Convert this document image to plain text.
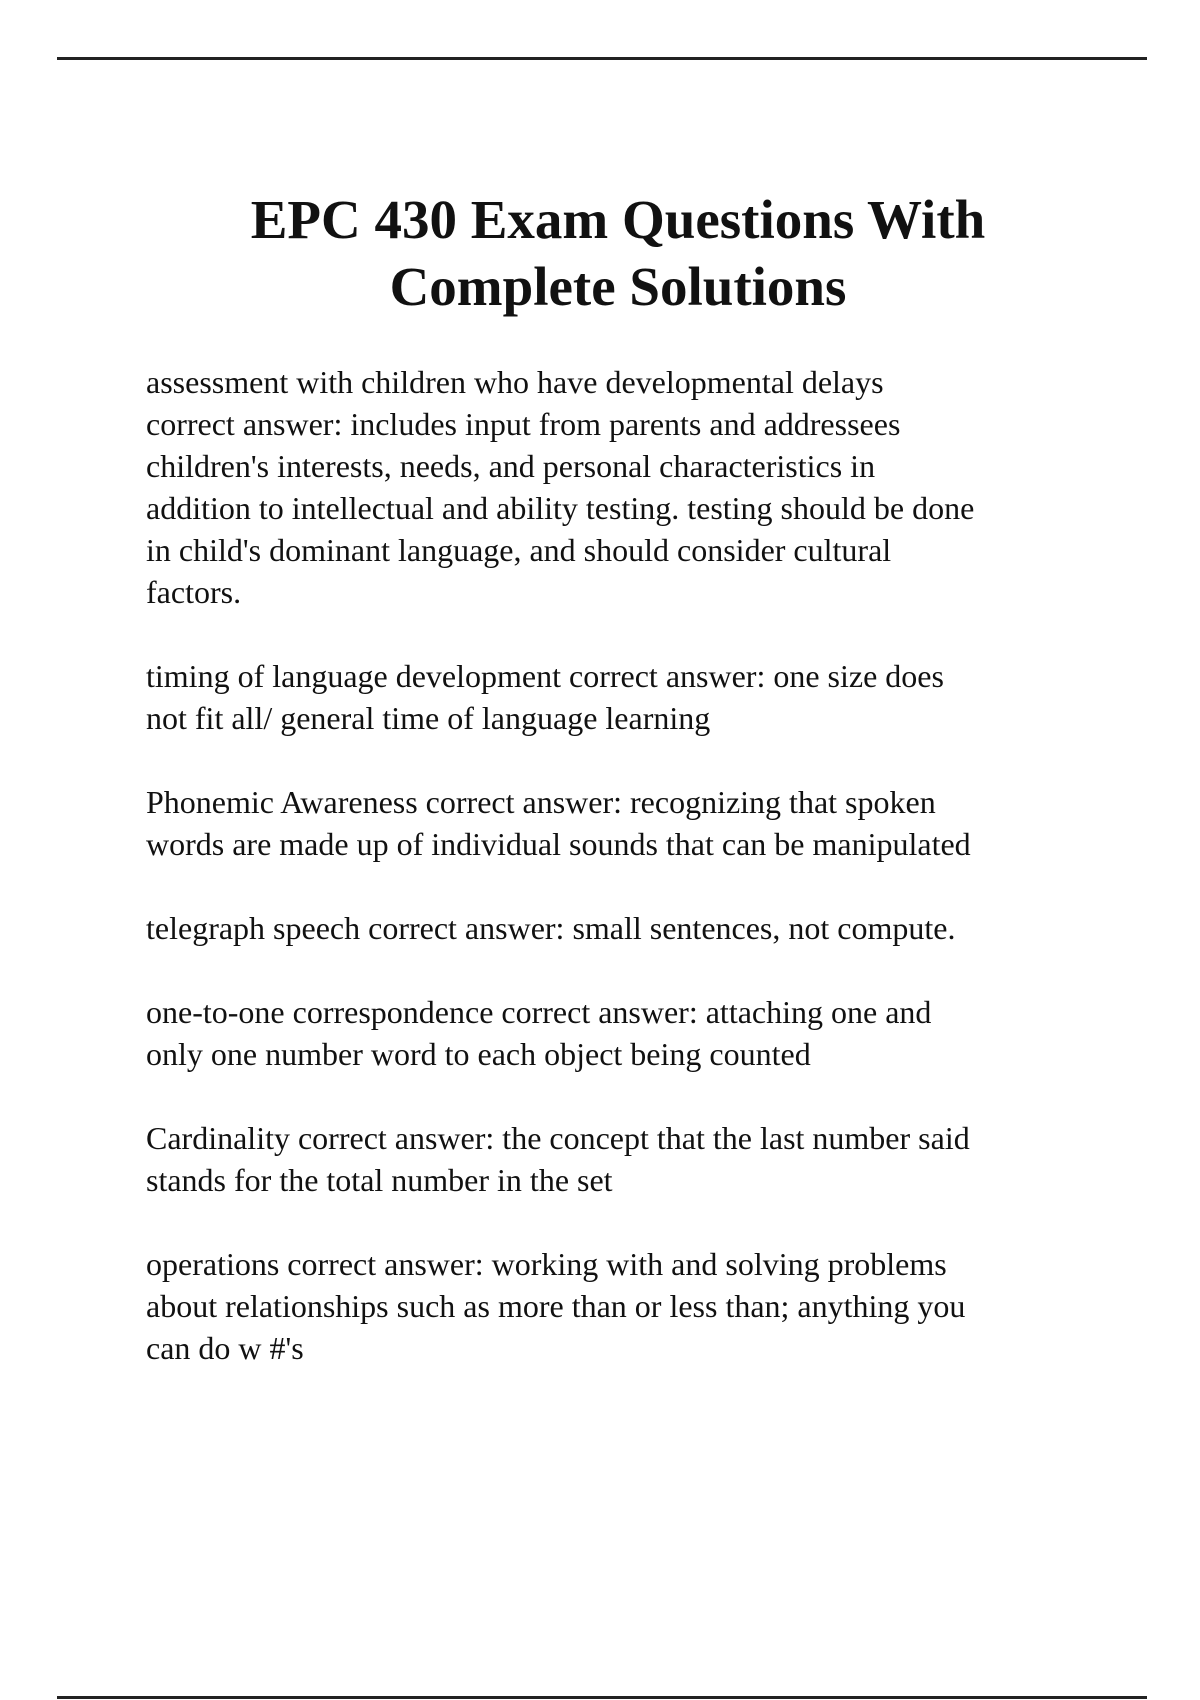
EPC 430 Exam Questions With
Complete Solutions

assessment with children who have developmental delays
correct answer: includes input from parents and addressees
children's interests, needs, and personal characteristics in
addition to intellectual and ability testing. testing should be done
in child's dominant language, and should consider cultural
factors.

timing of language development correct answer: one size does
not fit all/ general time of language learning

Phonemic Awareness correct answer: recognizing that spoken
words are made up of individual sounds that can be manipulated

telegraph speech correct answer: small sentences, not compute.

one-to-one correspondence correct answer: attaching one and
only one number word to each object being counted

Cardinality correct answer: the concept that the last number said
stands for the total number in the set

operations correct answer: working with and solving problems
about relationships such as more than or less than; anything you
can do w #'s
